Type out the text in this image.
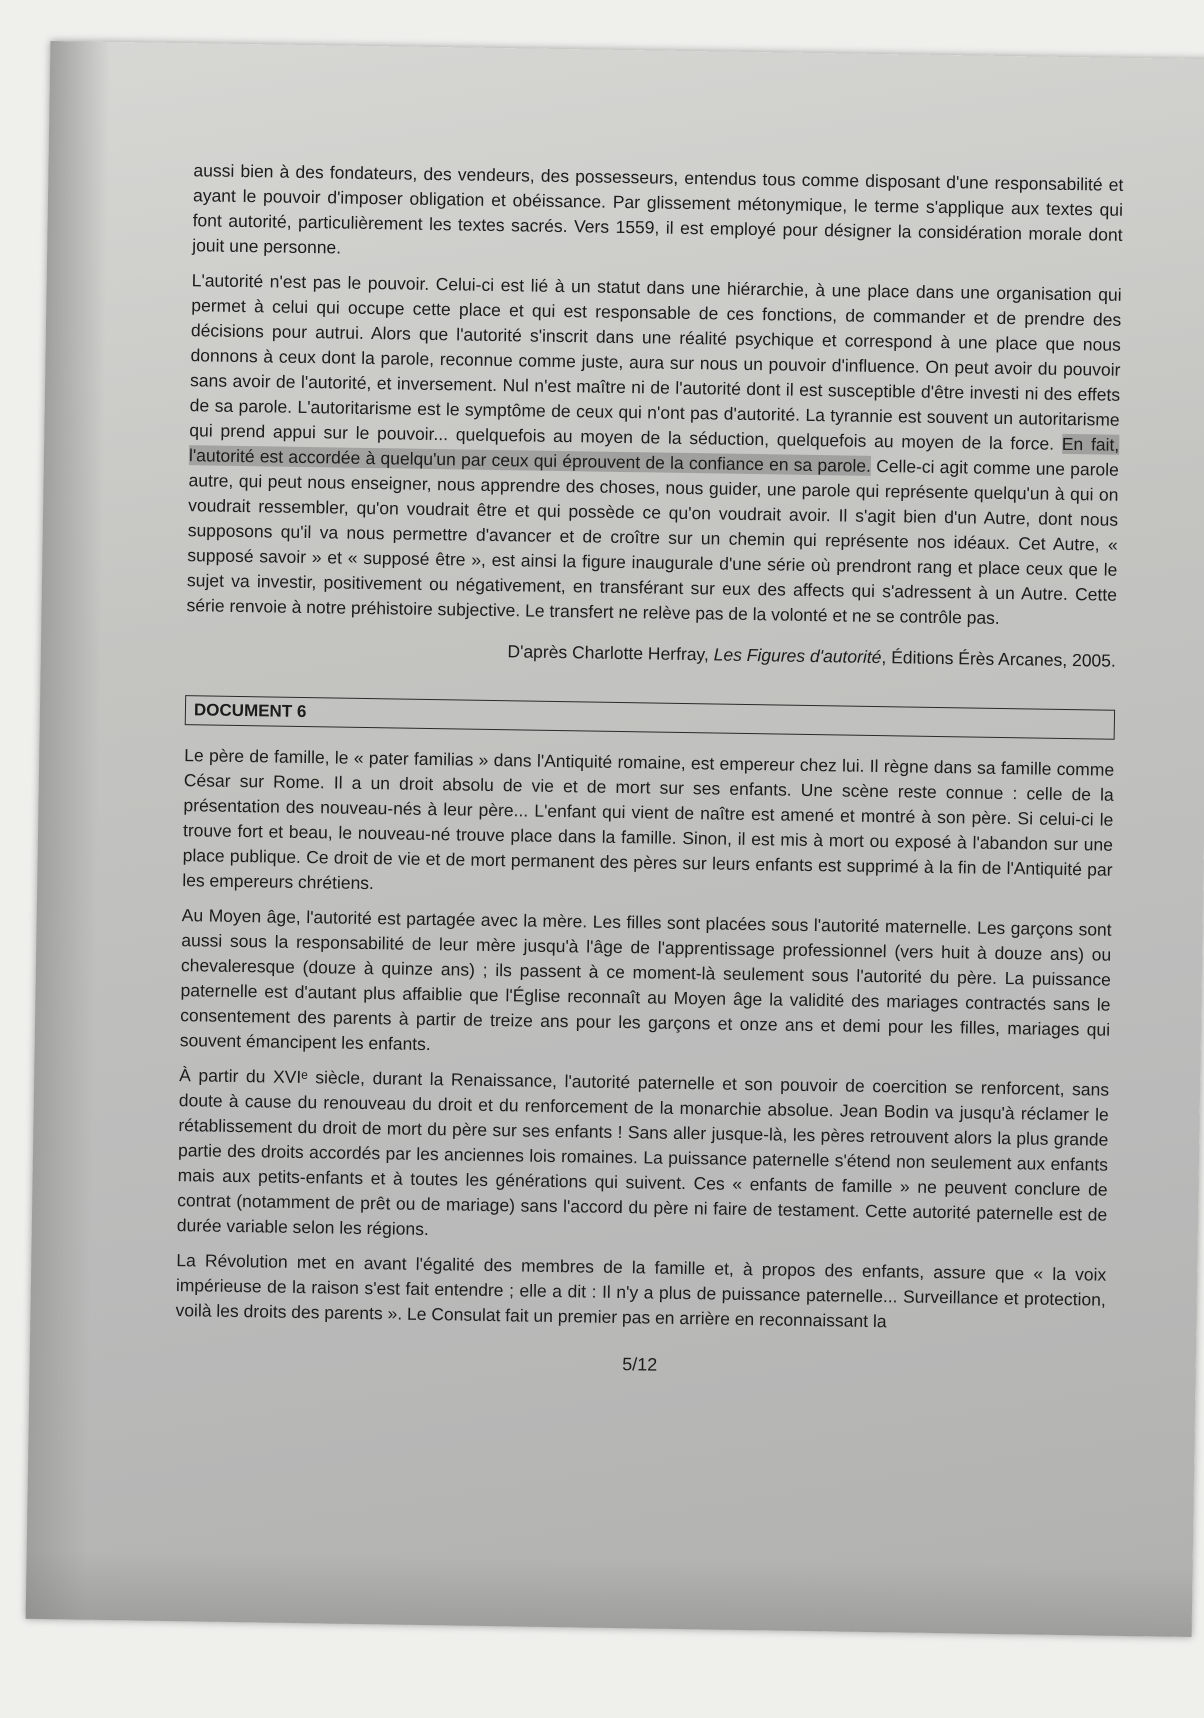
aussi bien à des fondateurs, des vendeurs, des possesseurs, entendus tous comme disposant d'une responsabilité et ayant le pouvoir d'imposer obligation et obéissance. Par glissement métonymique, le terme s'applique aux textes qui font autorité, particulièrement les textes sacrés. Vers 1559, il est employé pour désigner la considération morale dont jouit une personne.

L'autorité n'est pas le pouvoir. Celui-ci est lié à un statut dans une hiérarchie, à une place dans une organisation qui permet à celui qui occupe cette place et qui est responsable de ces fonctions, de commander et de prendre des décisions pour autrui. Alors que l'autorité s'inscrit dans une réalité psychique et correspond à une place que nous donnons à ceux dont la parole, reconnue comme juste, aura sur nous un pouvoir d'influence. On peut avoir du pouvoir sans avoir de l'autorité, et inversement. Nul n'est maître ni de l'autorité dont il est susceptible d'être investi ni des effets de sa parole. L'autoritarisme est le symptôme de ceux qui n'ont pas d'autorité. La tyrannie est souvent un autoritarisme qui prend appui sur le pouvoir... quelquefois au moyen de la séduction, quelquefois au moyen de la force. En fait, l'autorité est accordée à quelqu'un par ceux qui éprouvent de la confiance en sa parole. Celle-ci agit comme une parole autre, qui peut nous enseigner, nous apprendre des choses, nous guider, une parole qui représente quelqu'un à qui on voudrait ressembler, qu'on voudrait être et qui possède ce qu'on voudrait avoir. Il s'agit bien d'un Autre, dont nous supposons qu'il va nous permettre d'avancer et de croître sur un chemin qui représente nos idéaux. Cet Autre, « supposé savoir » et « supposé être », est ainsi la figure inaugurale d'une série où prendront rang et place ceux que le sujet va investir, positivement ou négativement, en transférant sur eux des affects qui s'adressent à un Autre. Cette série renvoie à notre préhistoire subjective. Le transfert ne relève pas de la volonté et ne se contrôle pas.

D'après Charlotte Herfray, Les Figures d'autorité, Éditions Érès Arcanes, 2005.
DOCUMENT 6

Le père de famille, le « pater familias » dans l'Antiquité romaine, est empereur chez lui. Il règne dans sa famille comme César sur Rome. Il a un droit absolu de vie et de mort sur ses enfants. Une scène reste connue : celle de la présentation des nouveau-nés à leur père... L'enfant qui vient de naître est amené et montré à son père. Si celui-ci le trouve fort et beau, le nouveau-né trouve place dans la famille. Sinon, il est mis à mort ou exposé à l'abandon sur une place publique. Ce droit de vie et de mort permanent des pères sur leurs enfants est supprimé à la fin de l'Antiquité par les empereurs chrétiens.

Au Moyen âge, l'autorité est partagée avec la mère. Les filles sont placées sous l'autorité maternelle. Les garçons sont aussi sous la responsabilité de leur mère jusqu'à l'âge de l'apprentissage professionnel (vers huit à douze ans) ou chevaleresque (douze à quinze ans) ; ils passent à ce moment-là seulement sous l'autorité du père. La puissance paternelle est d'autant plus affaiblie que l'Église reconnaît au Moyen âge la validité des mariages contractés sans le consentement des parents à partir de treize ans pour les garçons et onze ans et demi pour les filles, mariages qui souvent émancipent les enfants.

À partir du XVIᵉ siècle, durant la Renaissance, l'autorité paternelle et son pouvoir de coercition se renforcent, sans doute à cause du renouveau du droit et du renforcement de la monarchie absolue. Jean Bodin va jusqu'à réclamer le rétablissement du droit de mort du père sur ses enfants ! Sans aller jusque-là, les pères retrouvent alors la plus grande partie des droits accordés par les anciennes lois romaines. La puissance paternelle s'étend non seulement aux enfants mais aux petits-enfants et à toutes les générations qui suivent. Ces « enfants de famille » ne peuvent conclure de contrat (notamment de prêt ou de mariage) sans l'accord du père ni faire de testament. Cette autorité paternelle est de durée variable selon les régions.

La Révolution met en avant l'égalité des membres de la famille et, à propos des enfants, assure que « la voix impérieuse de la raison s'est fait entendre ; elle a dit : Il n'y a plus de puissance paternelle... Surveillance et protection, voilà les droits des parents ». Le Consulat fait un premier pas en arrière en reconnaissant la

5/12
